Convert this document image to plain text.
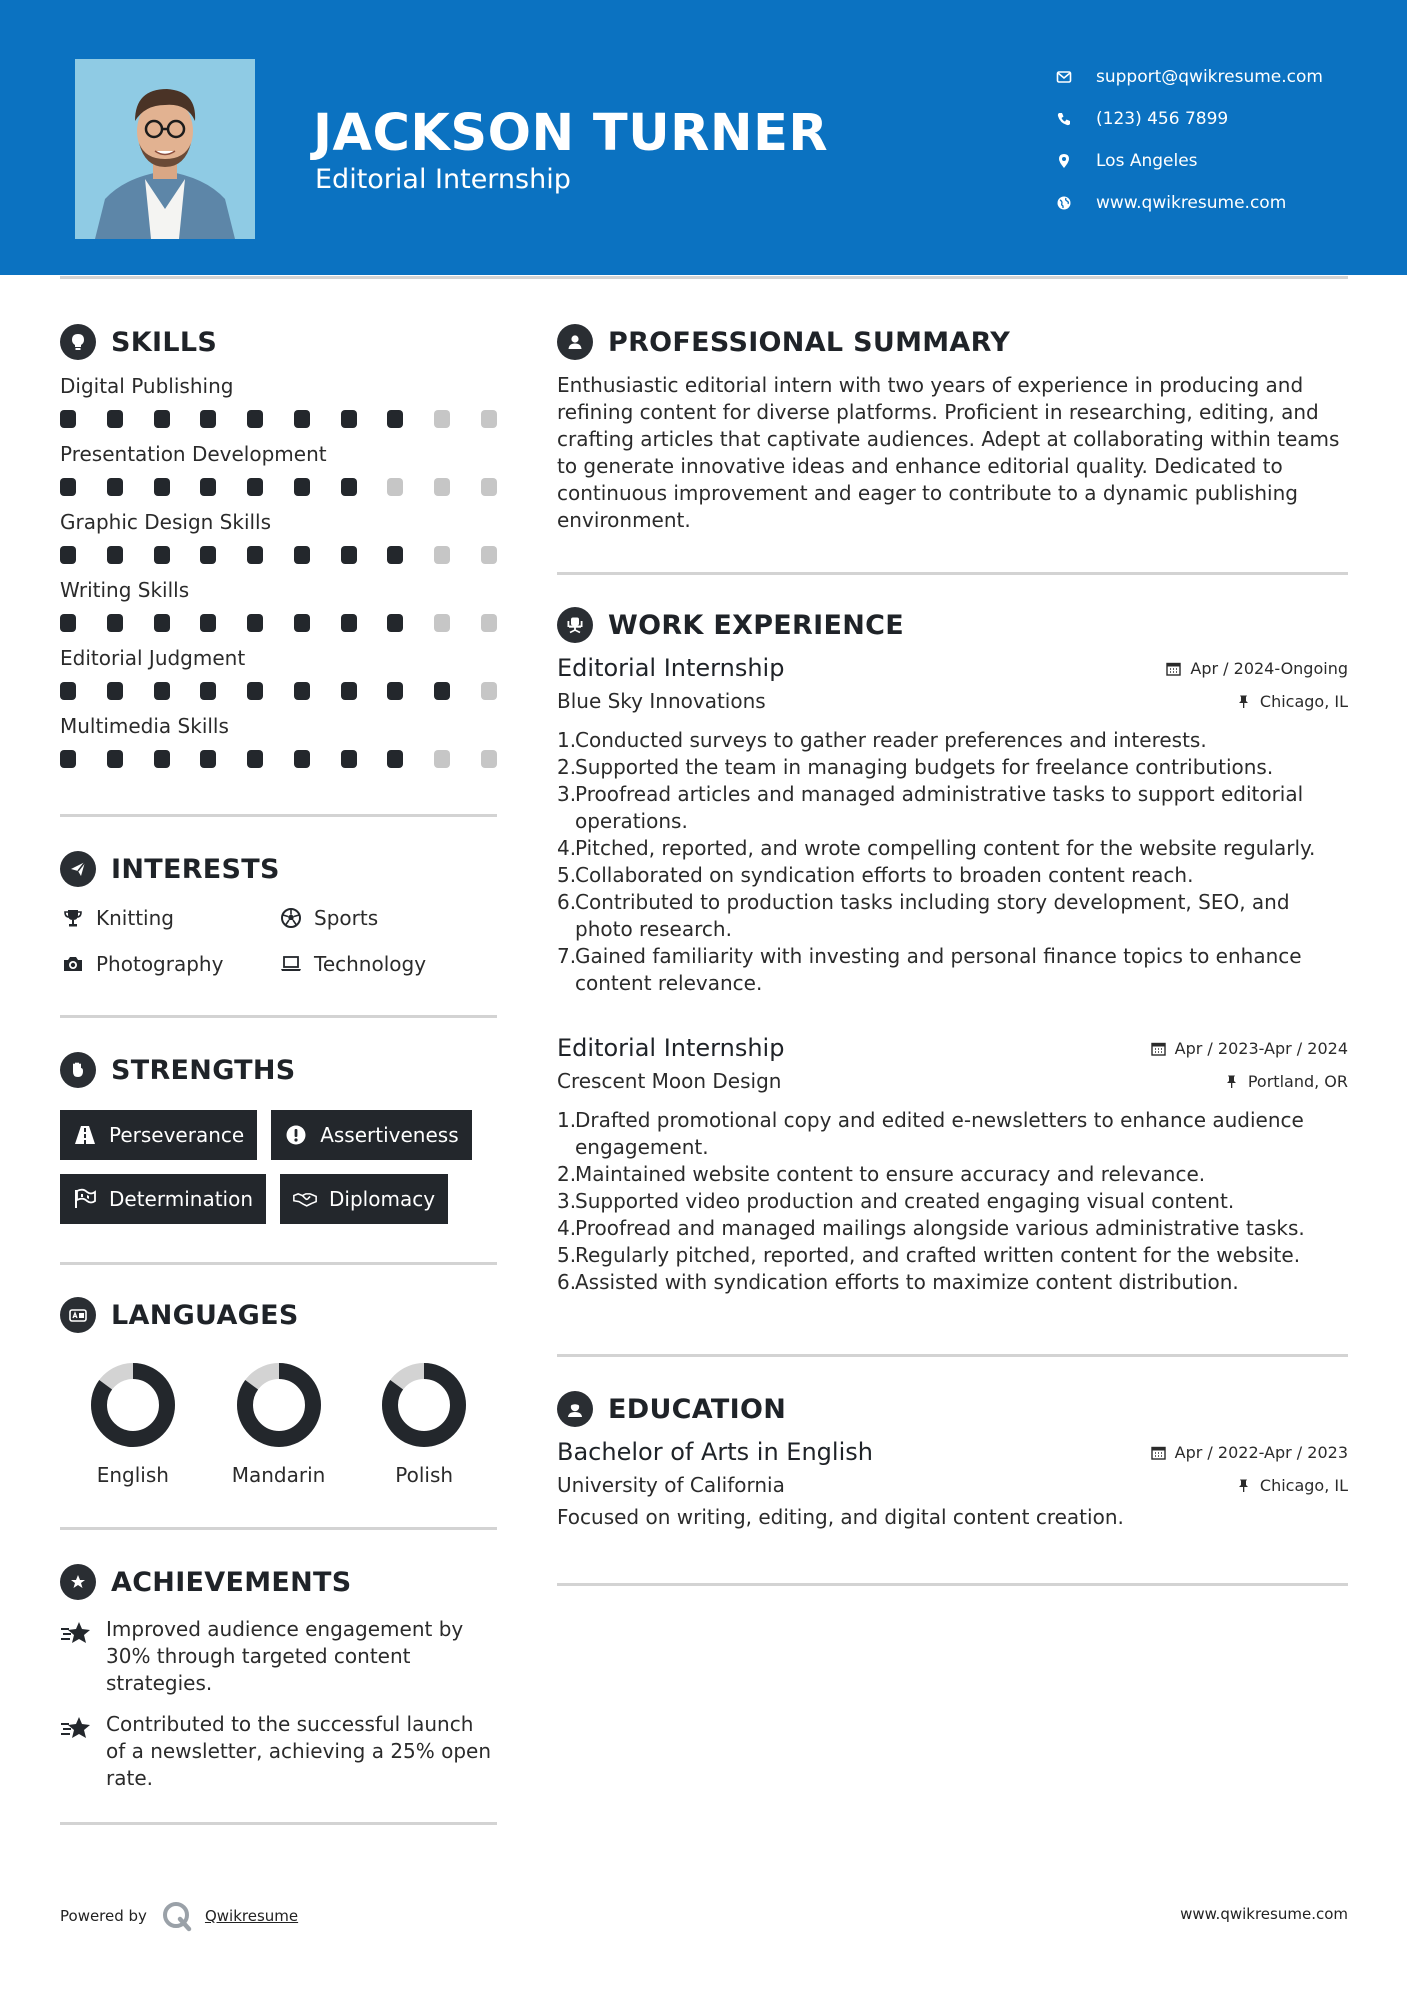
JACKSON TURNER
Editorial Internship
support@qwikresume.com
(123) 456 7899
Los Angeles
www.qwikresume.com
SKILLS
Digital Publishing
Presentation Development
Graphic Design Skills
Writing Skills
Editorial Judgment
Multimedia Skills
INTERESTS
Knitting	Sports
Photography	Technology
STRENGTHS
Perseverance	Assertiveness
Determination	Diplomacy
LANGUAGES
English	Mandarin	Polish
ACHIEVEMENTS
Improved audience engagement by 30% through targeted content strategies.
Contributed to the successful launch of a newsletter, achieving a 25% open rate.
PROFESSIONAL SUMMARY

Enthusiastic editorial intern with two years of experience in producing and refining content for diverse platforms. Proficient in researching, editing, and crafting articles that captivate audiences. Adept at collaborating within teams to generate innovative ideas and enhance editorial quality. Dedicated to continuous improvement and eager to contribute to a dynamic publishing environment.

WORK EXPERIENCE
Editorial Internship	Apr / 2024-Ongoing
Blue Sky Innovations	Chicago, IL
1.
Conducted surveys to gather reader preferences and interests.
2.
Supported the team in managing budgets for freelance contributions.
3.
Proofread articles and managed administrative tasks to support editorial operations.
4.
Pitched, reported, and wrote compelling content for the website regularly.
5.
Collaborated on syndication efforts to broaden content reach.
6.
Contributed to production tasks including story development, SEO, and photo research.
7.
Gained familiarity with investing and personal finance topics to enhance content relevance.
Editorial Internship	Apr / 2023-Apr / 2024
Crescent Moon Design	Portland, OR
1.
Drafted promotional copy and edited e-newsletters to enhance audience engagement.
2.
Maintained website content to ensure accuracy and relevance.
3.
Supported video production and created engaging visual content.
4.
Proofread and managed mailings alongside various administrative tasks.
5.
Regularly pitched, reported, and crafted written content for the website.
6.
Assisted with syndication efforts to maximize content distribution.
EDUCATION
Bachelor of Arts in English	Apr / 2022-Apr / 2023
University of California	Chicago, IL

Focused on writing, editing, and digital content creation.

Powered by	Qwikresume	www.qwikresume.com
